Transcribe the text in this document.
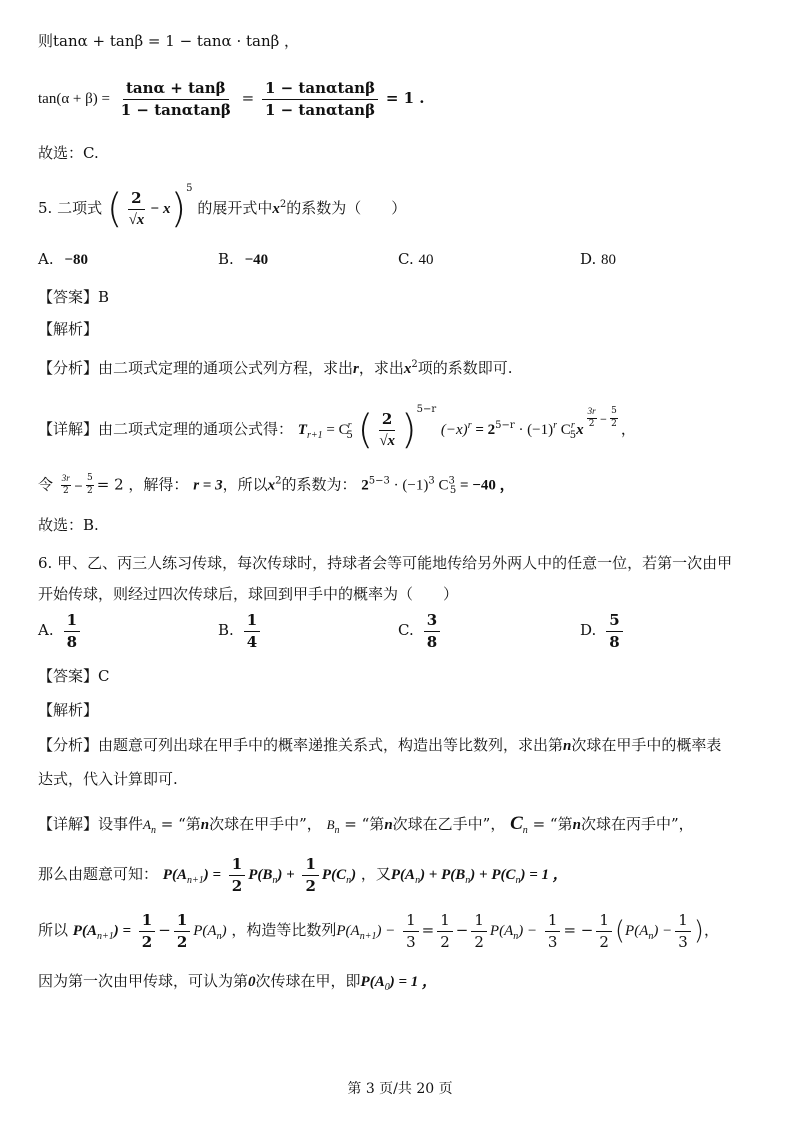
则tanα + tanβ = 1 − tanα · tanβ ，
$\tan(\alpha + \beta) = \frac{\tan\alpha + \tan\beta}{1 - \tan\alpha\tan\beta} = \frac{1 - \tan\alpha\tan\beta}{1 - \tan\alpha\tan\beta} = 1$ .
故选：C.
5. 二项式 ( $\frac{2}{√x} - x)^5$ 的展开式中$x^2$的系数为（　　）
A. −80	B. −40	C. 40	D. 80
【答案】B
【解析】
【分析】由二项式定理的通项公式列方程，求出r，求出$x^2$项的系数即可.
【详解】由二项式定理的通项公式得： $T_{r+1} = C^r_5$ ( $\frac{2}{√x} )^{5-r}$ $(-x)^r = 2^{5-r} \cdot (-1)^r$ $C^r_5x$
$\frac{3r}{2} - \frac{5}{2}$ ，
令 $\frac{3r}{2} - \frac{5}{2} = 2$ ，解得： r = 3，所以$x^2$的系数为： $2^{5-3} \cdot (-1)^3$ $C^3_5 = -40$ ，
故选：B.
6. 甲、乙、丙三人练习传球，每次传球时，持球者会等可能地传给另外两人中的任意一位，若第一次由甲
开始传球，则经过四次传球后，球回到甲手中的概率为（　　）
A. $\frac{1}{8}$	B. $\frac{1}{4}$	C. $\frac{3}{8}$	D. $\frac{5}{8}$
【答案】C
【解析】
【分析】由题意可列出球在甲手中的概率递推关系式，构造出等比数列，求出第n次球在甲手中的概率表
达式，代入计算即可.
【详解】设事件$A_n$ = “第n次球在甲手中”， $B_n$ = “第n次球在乙手中”， $C_n$ = “第n次球在丙手中”，
那么由题意可知： $P(A_{n+1}) = \frac{1}{2} P(B_n) + \frac{1}{2} P(C_n)$ ，又$P(A_n) + P(B_n) + P(C_n) = 1$ ，
所以 $P(A_{n+1}) = \frac{1}{2} - \frac{1}{2} P(A_n)$ ，构造等比数列$P(A_{n+1}) - \frac{1}{3} = \frac{1}{2} - \frac{1}{2} P(A_n) - \frac{1}{3}$ = − $\frac{1}{2} (P(A_n) - \frac{1}{3}$ )，
因为第一次由甲传球，可认为第0次传球在甲，即$P(A_0) = 1$ ，
第 3 页/共 20 页
